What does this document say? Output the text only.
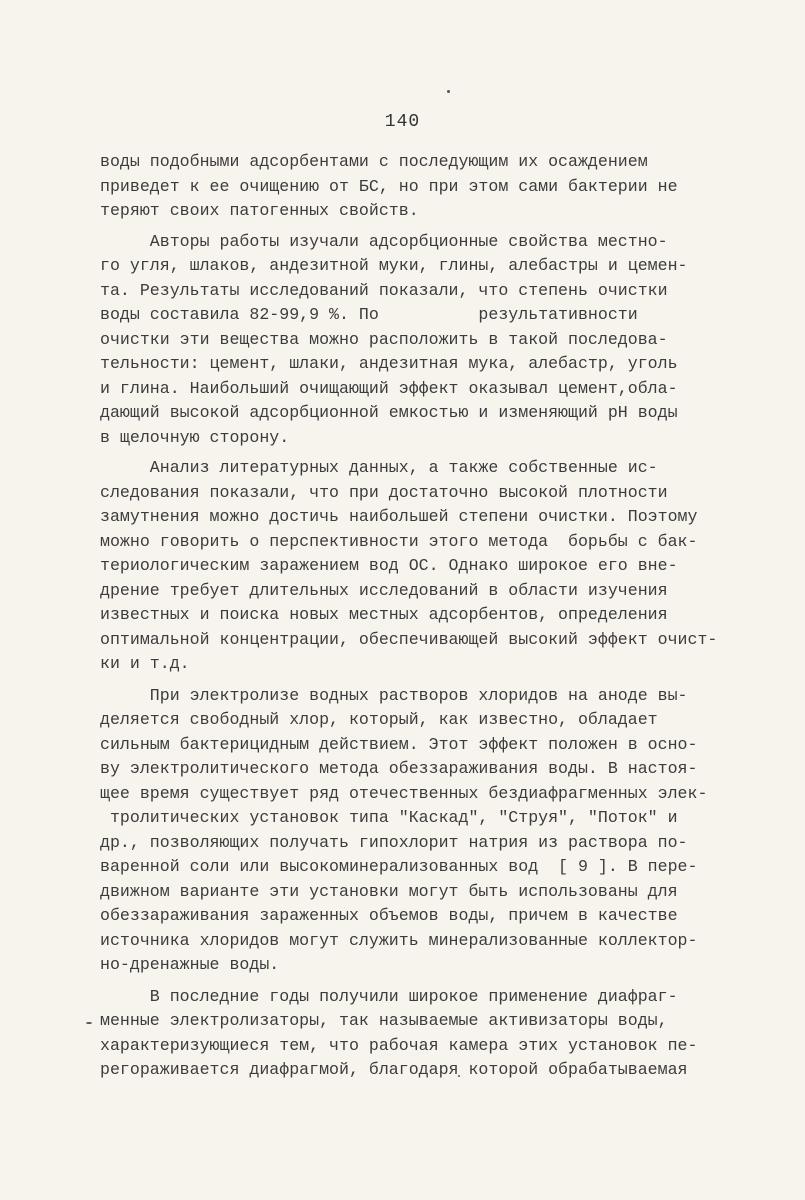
140
воды подобными адсорбентами с последующим их осаждением
приведет к ее очищению от БС, но при этом сами бактерии не
теряют своих патогенных свойств.
Авторы работы изучали адсорбционные свойства местно-
го угля, шлаков, андезитной муки, глины, алебастры и цемен-
та. Результаты исследований показали, что степень очистки
воды составила 82-99,9 %. По          результативности
очистки эти вещества можно расположить в такой последова-
тельности: цемент, шлаки, андезитная мука, алебастр, уголь
и глина. Наибольший очищающий эффект оказывал цемент,обла-
дающий высокой адсорбционной емкостью и изменяющий рН воды
в щелочную сторону.
Анализ литературных данных, а также собственные ис-
следования показали, что при достаточно высокой плотности
замутнения можно достичь наибольшей степени очистки. Поэтому
можно говорить о перспективности этого метода  борьбы с бак-
териологическим заражением вод ОС. Однако широкое его вне-
дрение требует длительных исследований в области изучения
известных и поиска новых местных адсорбентов, определения
оптимальной концентрации, обеспечивающей высокий эффект очист-
ки и т.д.
При электролизе водных растворов хлоридов на аноде вы-
деляется свободный хлор, который, как известно, обладает
сильным бактерицидным действием. Этот эффект положен в осно-
ву электролитического метода обеззараживания воды. В настоя-
щее время существует ряд отечественных бездиафрагменных элек-
тролитических установок типа "Каскад", "Струя", "Поток" и
др., позволяющих получать гипохлорит натрия из раствора по-
варенной соли или высокоминерализованных вод  [ 9 ]. В пере-
движном варианте эти установки могут быть использованы для
обеззараживания зараженных объемов воды, причем в качестве
источника хлоридов могут служить минерализованные коллектор-
но-дренажные воды.
В последние годы получили широкое применение диафраг-
менные электролизаторы, так называемые активизаторы воды,
характеризующиеся тем, что рабочая камера этих установок пе-
регораживается диафрагмой, благодаря которой обрабатываемая
